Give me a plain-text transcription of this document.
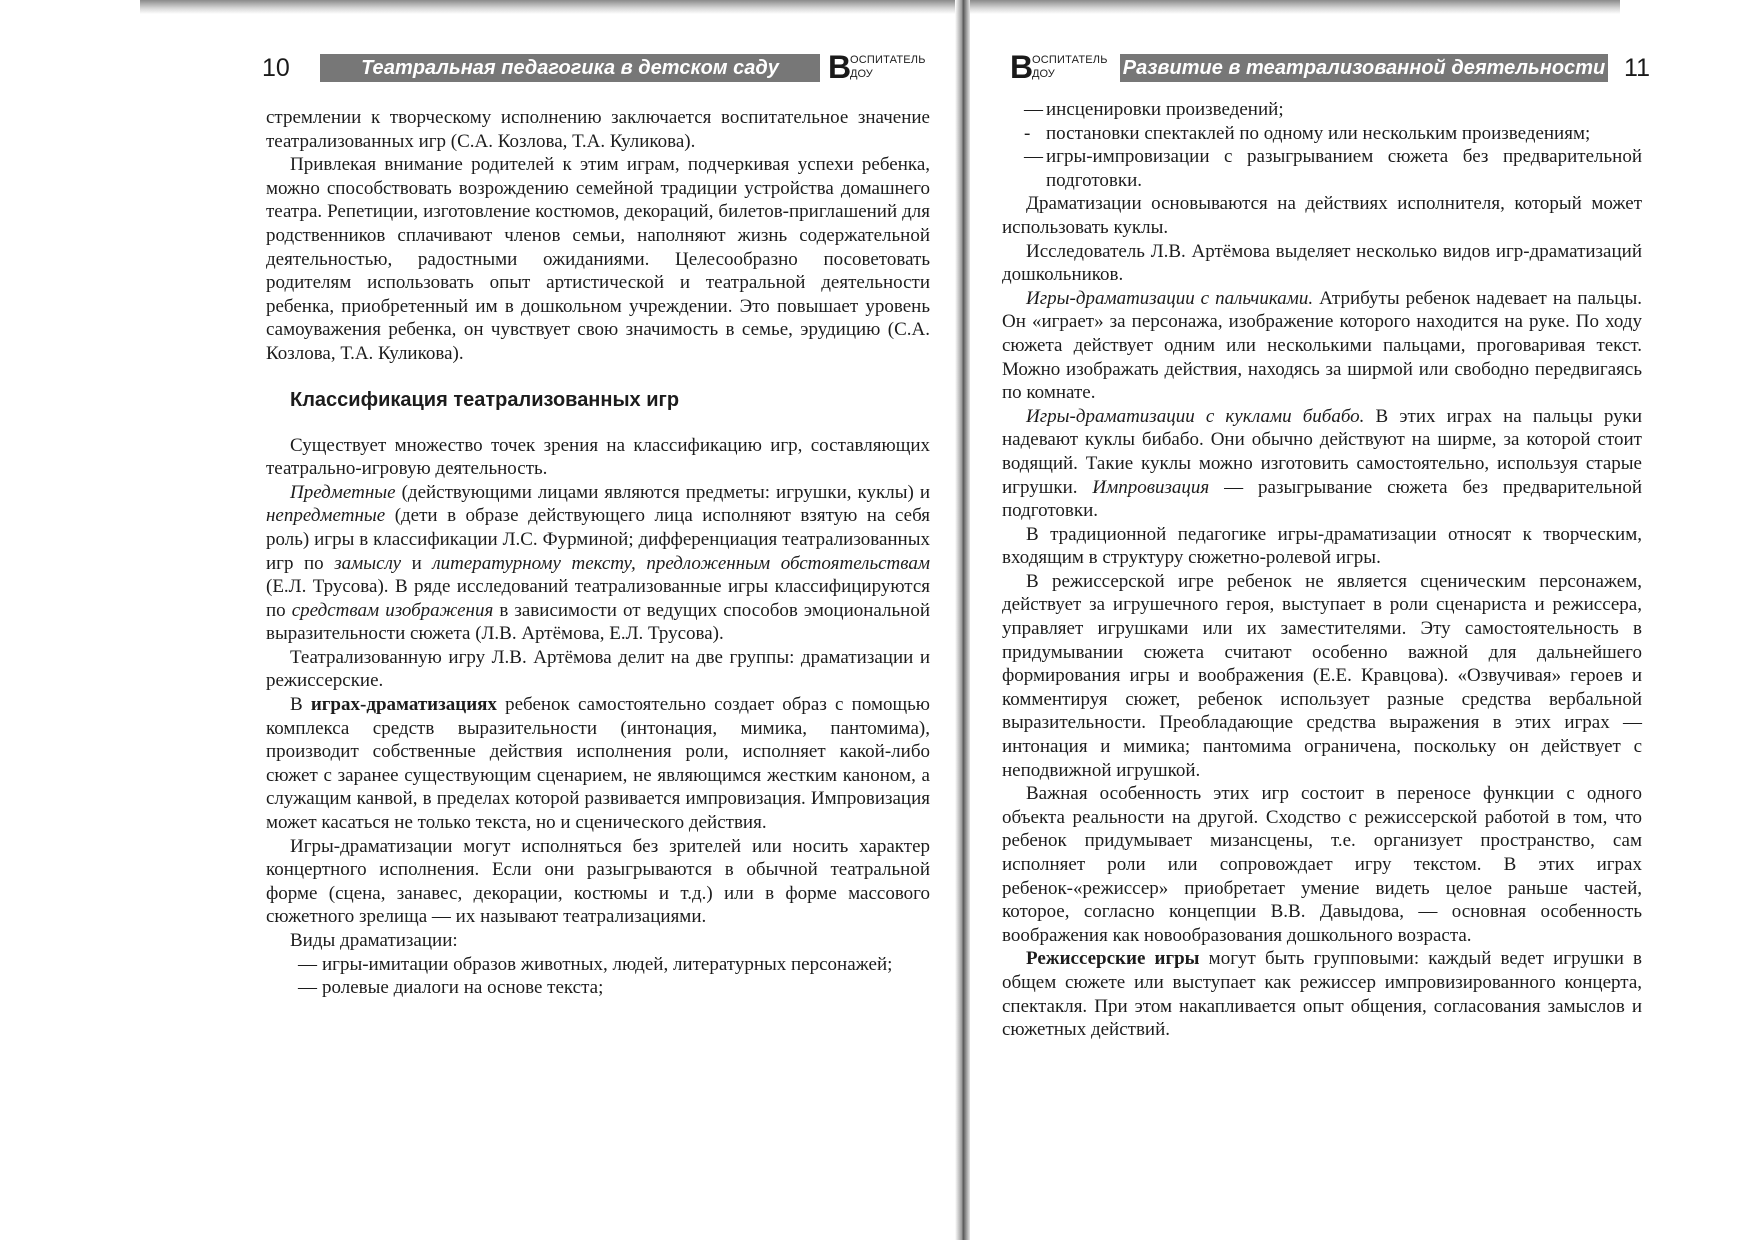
10	Театральная педагогика в детском саду	В
ОСПИТАТЕЛЬ
ДОУ

стремлении к творческому исполнению заключается воспитательное значение театрализованных игр (С.А. Козлова, Т.А. Куликова).

Привлекая внимание родителей к этим играм, подчеркивая успехи ребенка, можно способствовать возрождению семейной традиции устройства домашнего театра. Репетиции, изготовление костюмов, декораций, билетов-приглашений для родственников сплачивают членов семьи, наполняют жизнь содержательной деятельностью, радостными ожиданиями. Целесообразно посоветовать родителям использовать опыт артистической и театральной деятельности ребенка, приобретенный им в дошкольном учреждении. Это повышает уровень самоуважения ребенка, он чувствует свою значимость в семье, эрудицию (С.А. Козлова, Т.А. Куликова).

Классификация театрализованных игр

Существует множество точек зрения на классификацию игр, составляющих театрально-игровую деятельность.

Предметные (действующими лицами являются предметы: игрушки, куклы) и непредметные (дети в образе действующего лица исполняют взятую на себя роль) игры в классификации Л.С. Фурминой; дифференциация театрализованных игр по замыслу и литературному тексту, предложенным обстоятельствам (Е.Л. Трусова). В ряде исследований театрализованные игры классифицируются по средствам изображения в зависимости от ведущих способов эмоциональной выразительности сюжета (Л.В. Артёмова, Е.Л. Трусова).

Театрализованную игру Л.В. Артёмова делит на две группы: драматизации и режиссерские.

В играх-драматизациях ребенок самостоятельно создает образ с помощью комплекса средств выразительности (интонация, мимика, пантомима), производит собственные действия исполнения роли, исполняет какой-либо сюжет с заранее существующим сценарием, не являющимся жестким каноном, а служащим канвой, в пределах которой развивается импровизация. Импровизация может касаться не только текста, но и сценического действия.

Игры-драматизации могут исполняться без зрителей или носить характер концертного исполнения. Если они разыгрываются в обычной театральной форме (сцена, занавес, декорации, костюмы и т.д.) или в форме массового сюжетного зрелища — их называют театрализациями.

Виды драматизации:

— игры-имитации образов животных, людей, литературных персонажей;

— ролевые диалоги на основе текста;

В
ОСПИТАТЕЛЬ
ДОУ	Развитие в театрализованной деятельности 11

— инсценировки произведений;

- постановки спектаклей по одному или нескольким произведениям;

— игры-импровизации с разыгрыванием сюжета без предварительной подготовки.

Драматизации основываются на действиях исполнителя, который может использовать куклы.

Исследователь Л.В. Артёмова выделяет несколько видов игр-драматизаций дошкольников.

Игры-драматизации с пальчиками. Атрибуты ребенок надевает на пальцы. Он «играет» за персонажа, изображение которого находится на руке. По ходу сюжета действует одним или несколькими пальцами, проговаривая текст. Можно изображать действия, находясь за ширмой или свободно передвигаясь по комнате.

Игры-драматизации с куклами бибабо. В этих играх на пальцы руки надевают куклы бибабо. Они обычно действуют на ширме, за которой стоит водящий. Такие куклы можно изготовить самостоятельно, используя старые игрушки. Импровизация — разыгрывание сюжета без предварительной подготовки.

В традиционной педагогике игры-драматизации относят к творческим, входящим в структуру сюжетно-ролевой игры.

В режиссерской игре ребенок не является сценическим персонажем, действует за игрушечного героя, выступает в роли сценариста и режиссера, управляет игрушками или их заместителями. Эту самостоятельность в придумывании сюжета считают особенно важной для дальнейшего формирования игры и воображения (Е.Е. Кравцова). «Озвучивая» героев и комментируя сюжет, ребенок использует разные средства вербальной выразительности. Преобладающие средства выражения в этих играх — интонация и мимика; пантомима ограничена, поскольку он действует с неподвижной игрушкой.

Важная особенность этих игр состоит в переносе функции с одного объекта реальности на другой. Сходство с режиссерской работой в том, что ребенок придумывает мизансцены, т.е. организует пространство, сам исполняет роли или сопровождает игру текстом. В этих играх ребенок-«режиссер» приобретает умение видеть целое раньше частей, которое, согласно концепции В.В. Давыдова, — основная особенность воображения как новообразования дошкольного возраста.

Режиссерские игры могут быть групповыми: каждый ведет игрушки в общем сюжете или выступает как режиссер импровизированного концерта, спектакля. При этом накапливается опыт общения, согласования замыслов и сюжетных действий.
